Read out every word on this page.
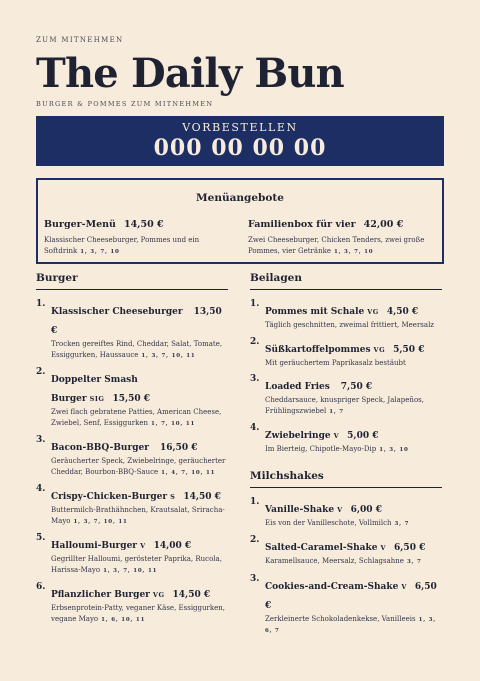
ZUM MITNEHMEN
The Daily Bun
BURGER & POMMES ZUM MITNEHMEN
VORBESTELLEN
000 00 00 00
Menüangebote
Burger-Menü 14,50 €
Klassischer Cheeseburger, Pommes und ein Softdrink 1, 3, 7, 10
Familienbox für vier 42,00 €
Zwei Cheeseburger, Chicken Tenders, zwei große Pommes, vier Getränke 1, 3, 7, 10
Burger
1.
Klassischer Cheeseburger 13,50 €
Trocken gereiftes Rind, Cheddar, Salat, Tomate, Essiggurken, Haussauce 1, 3, 7, 10, 11
2.
Doppelter Smash Burger SIG 15,50 €
Zwei flach gebratene Patties, American Cheese, Zwiebel, Senf, Essiggurken 1, 7, 10, 11
3.
Bacon-BBQ-Burger 16,50 €
Geräucherter Speck, Zwiebelringe, geräucherter Cheddar, Bourbon-BBQ-Sauce 1, 4, 7, 10, 11
4.
Crispy-Chicken-Burger S 14,50 €
Buttermilch-Brathähnchen, Krautsalat, Sriracha-Mayo 1, 3, 7, 10, 11
5.
Halloumi-Burger V 14,00 €
Gegrillter Halloumi, gerösteter Paprika, Rucola, Harissa-Mayo 1, 3, 7, 10, 11
6.
Pflanzlicher Burger VG 14,50 €
Erbsenprotein-Patty, veganer Käse, Essiggurken, vegane Mayo 1, 6, 10, 11
Beilagen
1.
Pommes mit Schale VG 4,50 €
Täglich geschnitten, zweimal frittiert, Meersalz
2.
Süßkartoffelpommes VG 5,50 €
Mit geräuchertem Paprikasalz bestäubt
3.
Loaded Fries 7,50 €
Cheddarsauce, knuspriger Speck, Jalapeños, Frühlingszwiebel 1, 7
4.
Zwiebelringe V 5,00 €
Im Bierteig, Chipotle-Mayo-Dip 1, 3, 10
Milchshakes
1.
Vanille-Shake V 6,00 €
Eis von der Vanilleschote, Vollmilch 3, 7
2.
Salted-Caramel-Shake V 6,50 €
Karamellsauce, Meersalz, Schlagsahne 3, 7
3.
Cookies-and-Cream-Shake V 6,50 €
Zerkleinerte Schokoladenkekse, Vanilleeis 1, 3, 6, 7
